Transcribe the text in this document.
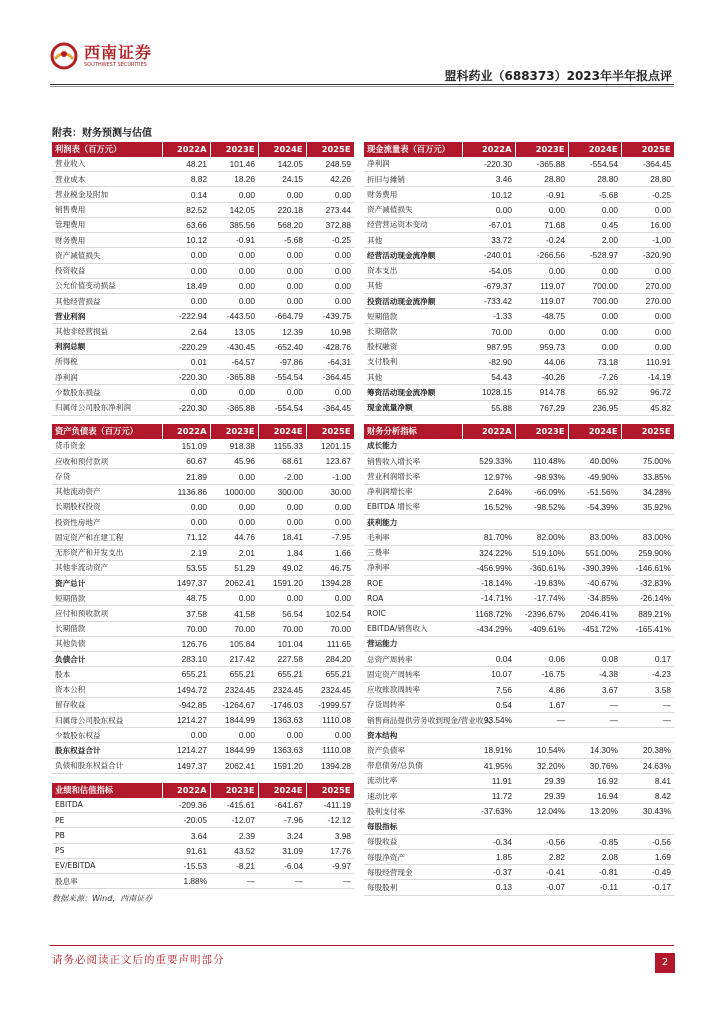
西南证券
SOUTHWEST SECURITIES
盟科药业（688373）2023年半年报点评
附表：财务预测与估值
利润表（百万元）	2022A	2023E	2024E	2025E
营业收入	48.21	101.46	142.05	248.59
营业成本	8.82	18.26	24.15	42.26
营业税金及附加	0.14	0.00	0.00	0.00
销售费用	82.52	142.05	220.18	273.44
管理费用	63.66	385.56	568.20	372.88
财务费用	10.12	-0.91	-5.68	-0.25
资产减值损失	0.00	0.00	0.00	0.00
投资收益	0.00	0.00	0.00	0.00
公允价值变动损益	18.49	0.00	0.00	0.00
其他经营损益	0.00	0.00	0.00	0.00
营业利润	-222.94	-443.50	-664.79	-439.75
其他非经营损益	2.64	13.05	12.39	10.98
利润总额	-220.29	-430.45	-652.40	-428.76
所得税	0.01	-64.57	-97.86	-64.31
净利润	-220.30	-365.88	-554.54	-364.45
少数股东损益	0.00	0.00	0.00	0.00
归属母公司股东净利润	-220.30	-365.88	-554.54	-364.45
现金流量表（百万元）	2022A	2023E	2024E	2025E
净利润	-220.30	-365.88	-554.54	-364.45
折旧与摊销	3.46	28.80	28.80	28.80
财务费用	10.12	-0.91	-5.68	-0.25
资产减值损失	0.00	0.00	0.00	0.00
经营营运资本变动	-67.01	71.68	0.45	16.00
其他	33.72	-0.24	2.00	-1.00
经营活动现金流净额	-240.01	-266.56	-528.97	-320.90
资本支出	-54.05	0.00	0.00	0.00
其他	-679.37	119.07	700.00	270.00
投资活动现金流净额	-733.42	119.07	700.00	270.00
短期借款	-1.33	-48.75	0.00	0.00
长期借款	70.00	0.00	0.00	0.00
股权融资	987.95	959.73	0.00	0.00
支付股利	-82.90	44.06	73.18	110.91
其他	54.43	-40.26	-7.26	-14.19
筹资活动现金流净额	1028.15	914.78	65.92	96.72
现金流量净额	55.88	767.29	236.95	45.82
资产负债表（百万元）	2022A	2023E	2024E	2025E
货币资金	151.09	918.38	1155.33	1201.15
应收和预付款项	60.67	45.96	68.61	123.67
存货	21.89	0.00	-2.00	-1.00
其他流动资产	1136.86	1000.00	300.00	30.00
长期股权投资	0.00	0.00	0.00	0.00
投资性房地产	0.00	0.00	0.00	0.00
固定资产和在建工程	71.12	44.76	18.41	-7.95
无形资产和开发支出	2.19	2.01	1.84	1.66
其他非流动资产	53.55	51.29	49.02	46.75
资产总计	1497.37	2062.41	1591.20	1394.28
短期借款	48.75	0.00	0.00	0.00
应付和预收款项	37.58	41.58	56.54	102.54
长期借款	70.00	70.00	70.00	70.00
其他负债	126.76	105.84	101.04	111.65
负债合计	283.10	217.42	227.58	284.20
股本	655.21	655.21	655.21	655.21
资本公积	1494.72	2324.45	2324.45	2324.45
留存收益	-942.85	-1264.67	-1746.03	-1999.57
归属母公司股东权益	1214.27	1844.99	1363.63	1110.08
少数股东权益	0.00	0.00	0.00	0.00
股东权益合计	1214.27	1844.99	1363.63	1110.08
负债和股东权益合计	1497.37	2062.41	1591.20	1394.28
财务分析指标	2022A	2023E	2024E	2025E
成长能力				
销售收入增长率	529.33%	110.48%	40.00%	75.00%
营业利润增长率	12.97%	-98.93%	-49.90%	33.85%
净利润增长率	2.64%	-66.09%	-51.56%	34.28%
EBITDA 增长率	16.52%	-98.52%	-54.39%	35.92%
获利能力				
毛利率	81.70%	82.00%	83.00%	83.00%
三费率	324.22%	519.10%	551.00%	259.90%
净利率	-456.99%	-360.61%	-390.39%	-146.61%
ROE	-18.14%	-19.83%	-40.67%	-32.83%
ROA	-14.71%	-17.74%	-34.85%	-26.14%
ROIC	1168.72%	-2396.67%	2046.41%	889.21%
EBITDA/销售收入	-434.29%	-409.61%	-451.72%	-165.41%
营运能力				
总资产周转率	0.04	0.06	0.08	0.17
固定资产周转率	10.07	-16.75	-4.38	-4.23
应收账款周转率	7.56	4.86	3.67	3.58
存货周转率	0.54	1.67	—	—
销售商品提供劳务收到现金/营业收入	93.54%	—	—	—
资本结构				
资产负债率	18.91%	10.54%	14.30%	20.38%
带息债务/总负债	41.95%	32.20%	30.76%	24.63%
流动比率	11.91	29.39	16.92	8.41
速动比率	11.72	29.39	16.94	8.42
股利支付率	-37.63%	12.04%	13.20%	30.43%
每股指标				
每股收益	-0.34	-0.56	-0.85	-0.56
每股净资产	1.85	2.82	2.08	1.69
每股经营现金	-0.37	-0.41	-0.81	-0.49
每股股利	0.13	-0.07	-0.11	-0.17
业绩和估值指标	2022A	2023E	2024E	2025E
EBITDA	-209.36	-415.61	-641.67	-411.19
PE	-20.05	-12.07	-7.96	-12.12
PB	3.64	2.39	3.24	3.98
PS	91.61	43.52	31.09	17.76
EV/EBITDA	-15.53	-8.21	-6.04	-9.97
股息率	1.88%	—	—	—
数据来源：Wind，西南证券
请务必阅读正文后的重要声明部分	2
